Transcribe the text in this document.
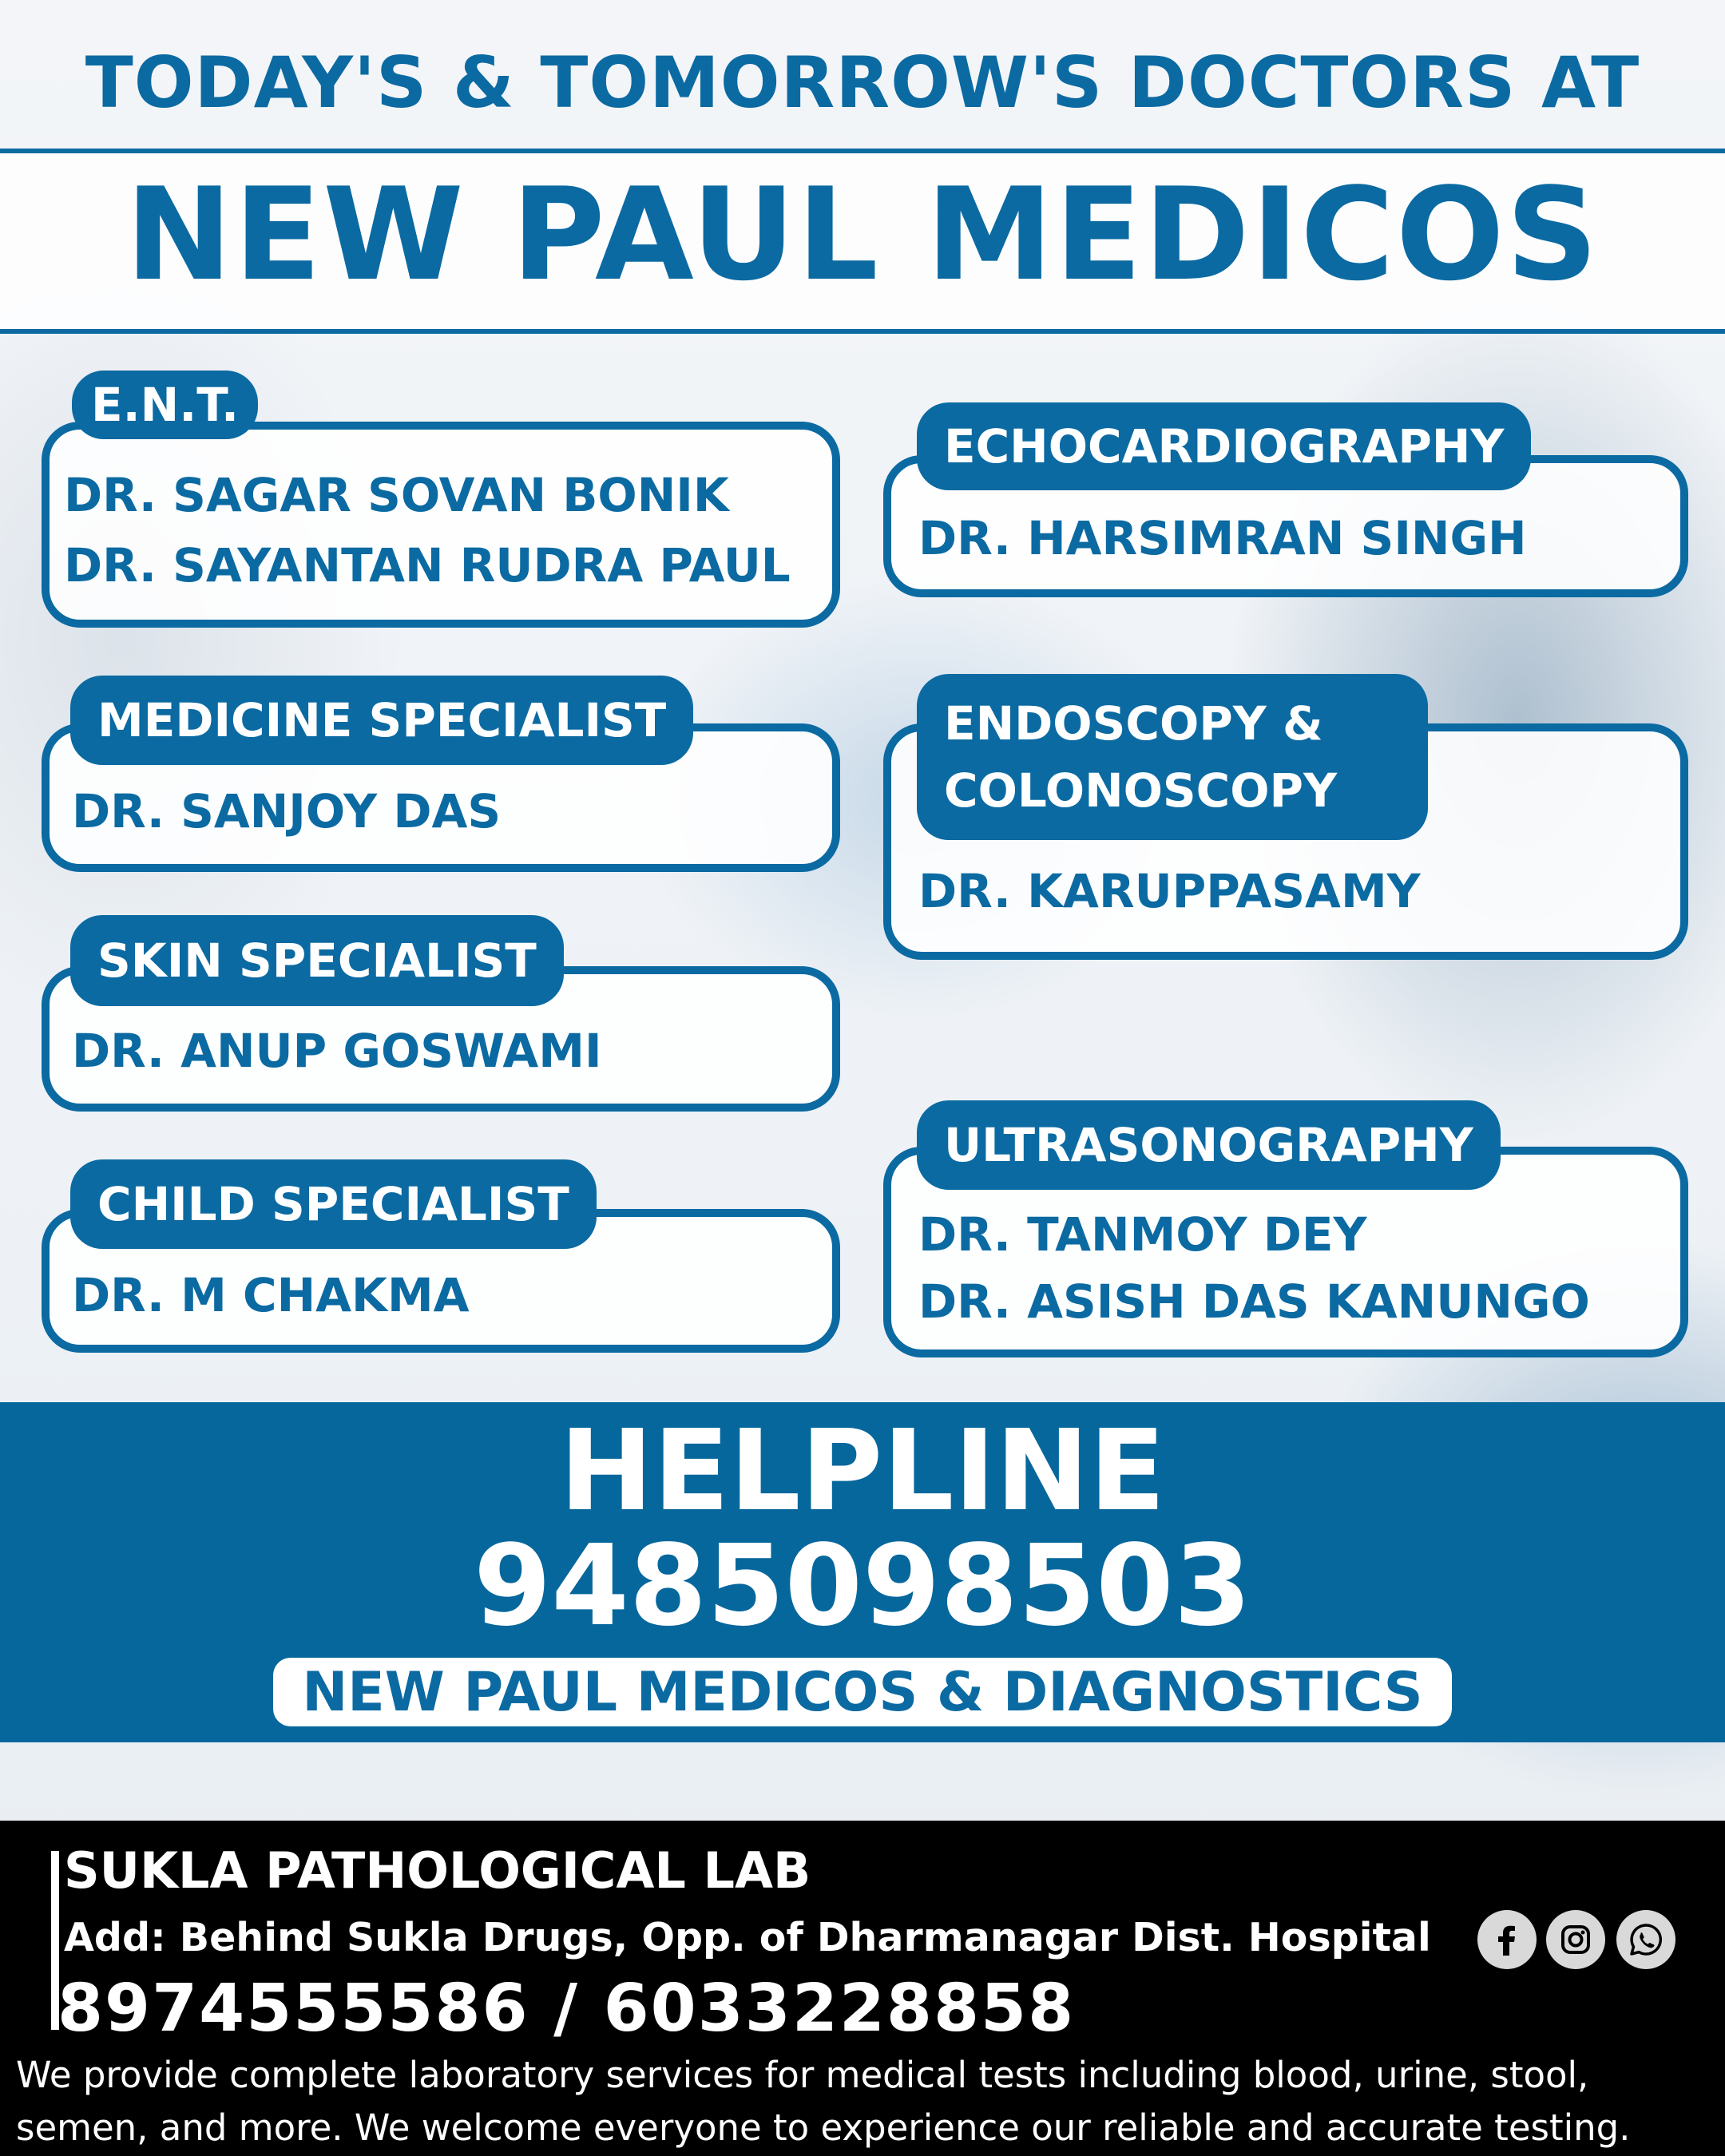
TODAY'S & TOMORROW'S DOCTORS AT
NEW PAUL MEDICOS
E.N.T.
DR. SAGAR SOVAN BONIK
DR. SAYANTAN RUDRA PAUL
ECHOCARDIOGRAPHY
DR. HARSIMRAN SINGH
MEDICINE SPECIALIST
DR. SANJOY DAS
ENDOSCOPY &
COLONOSCOPY
DR. KARUPPASAMY
SKIN SPECIALIST
DR. ANUP GOSWAMI
CHILD SPECIALIST
DR. M CHAKMA
ULTRASONOGRAPHY
DR. TANMOY DEY
DR. ASISH DAS KANUNGO
HELPLINE
9485098503
NEW PAUL MEDICOS & DIAGNOSTICS
SUKLA PATHOLOGICAL LAB
Add: Behind Sukla Drugs, Opp. of Dharmanagar Dist. Hospital
8974555586 / 6033228858
We provide complete laboratory services for medical tests including blood, urine, stool,
semen, and more. We welcome everyone to experience our reliable and accurate testing.
